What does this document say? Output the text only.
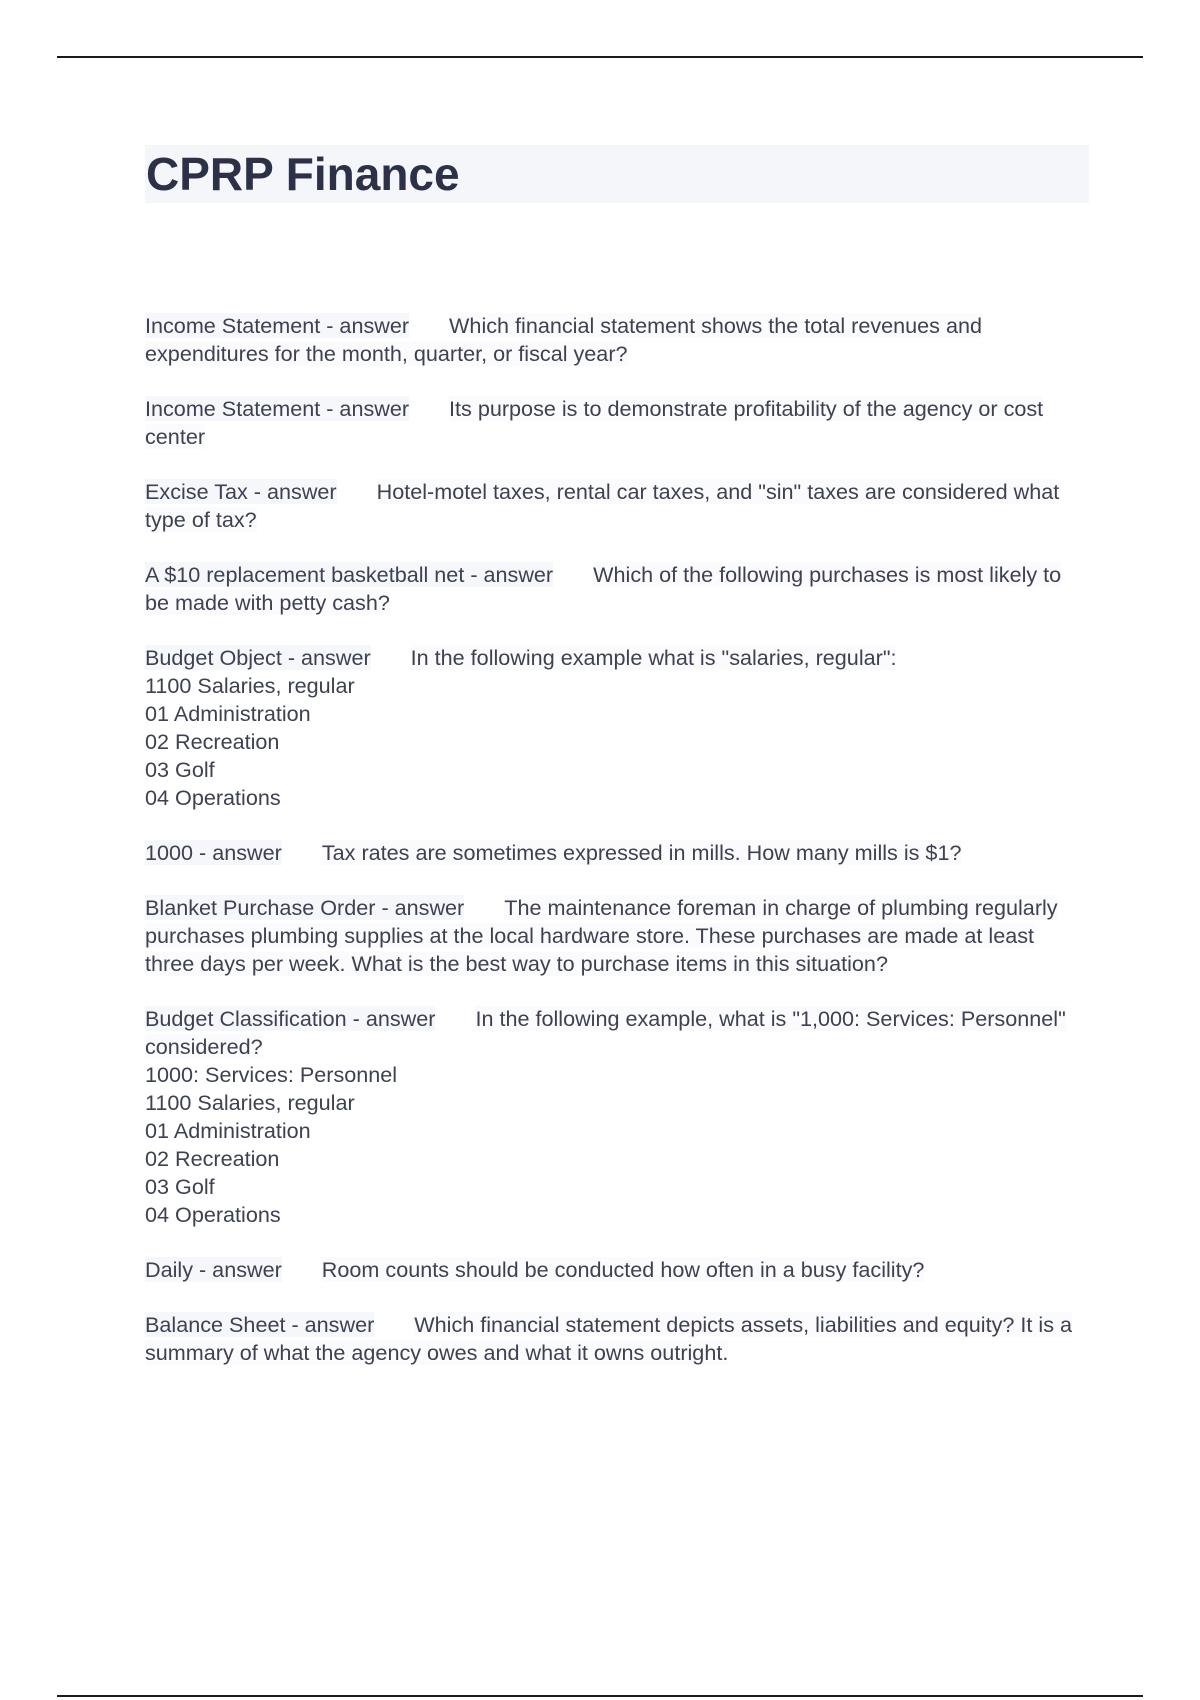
CPRP Finance

Income Statement - answer Which financial statement shows the total revenues and expenditures for the month, quarter, or fiscal year?

Income Statement - answer Its purpose is to demonstrate profitability of the agency or cost center

Excise Tax - answer Hotel-motel taxes, rental car taxes, and "sin" taxes are considered what type of tax?

A $10 replacement basketball net - answer Which of the following purchases is most likely to be made with petty cash?

Budget Object - answer In the following example what is "salaries, regular":
1100 Salaries, regular
01 Administration
02 Recreation
03 Golf
04 Operations

1000 - answer Tax rates are sometimes expressed in mills. How many mills is $1?

Blanket Purchase Order - answer The maintenance foreman in charge of plumbing regularly purchases plumbing supplies at the local hardware store. These purchases are made at least three days per week. What is the best way to purchase items in this situation?

Budget Classification - answer In the following example, what is "1,000: Services: Personnel" considered?
1000: Services: Personnel
1100 Salaries, regular
01 Administration
02 Recreation
03 Golf
04 Operations

Daily - answer Room counts should be conducted how often in a busy facility?

Balance Sheet - answer Which financial statement depicts assets, liabilities and equity? It is a summary of what the agency owes and what it owns outright.
